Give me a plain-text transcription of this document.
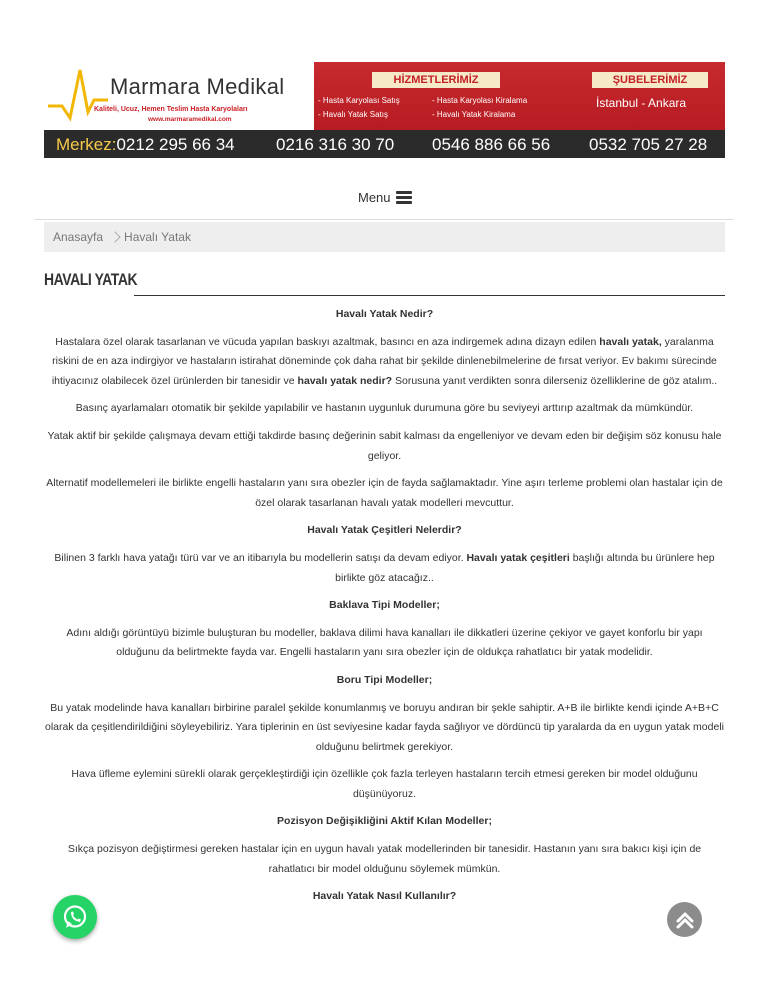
Marmara Medikal
Kaliteli, Ucuz, Hemen Teslim Hasta Karyolaları
www.marmaramedikal.com
HİZMETLERİMİZ
- Hasta Karyolası Satış
- Havalı Yatak Satış
- Hasta Karyolası Kiralama
- Havalı Yatak Kiralama
ŞUBELERİMİZ
İstanbul - Ankara
Merkez:0212 295 66 34 0216 316 30 70 0546 886 66 56 0532 705 27 28
Menu
Anasayfa Havalı Yatak
HAVALI YATAK
Havalı Yatak Nedir?

Hastalara özel olarak tasarlanan ve vücuda yapılan baskıyı azaltmak, basıncı en aza indirgemek adına dizayn edilen havalı yatak, yaralanma riskini de en aza indirgiyor ve hastaların istirahat döneminde çok daha rahat bir şekilde dinlenebilmelerine de fırsat veriyor. Ev bakımı sürecinde ihtiyacınız olabilecek özel ürünlerden bir tanesidir ve havalı yatak nedir? Sorusuna yanıt verdikten sonra dilerseniz özelliklerine de göz atalım..

Basınç ayarlamaları otomatik bir şekilde yapılabilir ve hastanın uygunluk durumuna göre bu seviyeyi arttırıp azaltmak da mümkündür.

Yatak aktif bir şekilde çalışmaya devam ettiği takdirde basınç değerinin sabit kalması da engelleniyor ve devam eden bir değişim söz konusu hale geliyor.

Alternatif modellemeleri ile birlikte engelli hastaların yanı sıra obezler için de fayda sağlamaktadır. Yine aşırı terleme problemi olan hastalar için de özel olarak tasarlanan havalı yatak modelleri mevcuttur.

Havalı Yatak Çeşitleri Nelerdir?

Bilinen 3 farklı hava yatağı türü var ve an itibarıyla bu modellerin satışı da devam ediyor. Havalı yatak çeşitleri başlığı altında bu ürünlere hep birlikte göz atacağız..

Baklava Tipi Modeller;

Adını aldığı görüntüyü bizimle buluşturan bu modeller, baklava dilimi hava kanalları ile dikkatleri üzerine çekiyor ve gayet konforlu bir yapı olduğunu da belirtmekte fayda var. Engelli hastaların yanı sıra obezler için de oldukça rahatlatıcı bir yatak modelidir.

Boru Tipi Modeller;

Bu yatak modelinde hava kanalları birbirine paralel şekilde konumlanmış ve boruyu andıran bir şekle sahiptir. A+B ile birlikte kendi içinde A+B+C olarak da çeşitlendirildiğini söyleyebiliriz. Yara tiplerinin en üst seviyesine kadar fayda sağlıyor ve dördüncü tip yaralarda da en uygun yatak modeli olduğunu belirtmek gerekiyor.

Hava üfleme eylemini sürekli olarak gerçekleştirdiği için özellikle çok fazla terleyen hastaların tercih etmesi gereken bir model olduğunu düşünüyoruz.

Pozisyon Değişikliğini Aktif Kılan Modeller;

Sıkça pozisyon değiştirmesi gereken hastalar için en uygun havalı yatak modellerinden bir tanesidir. Hastanın yanı sıra bakıcı kişi için de rahatlatıcı bir model olduğunu söylemek mümkün.

Havalı Yatak Nasıl Kullanılır?
